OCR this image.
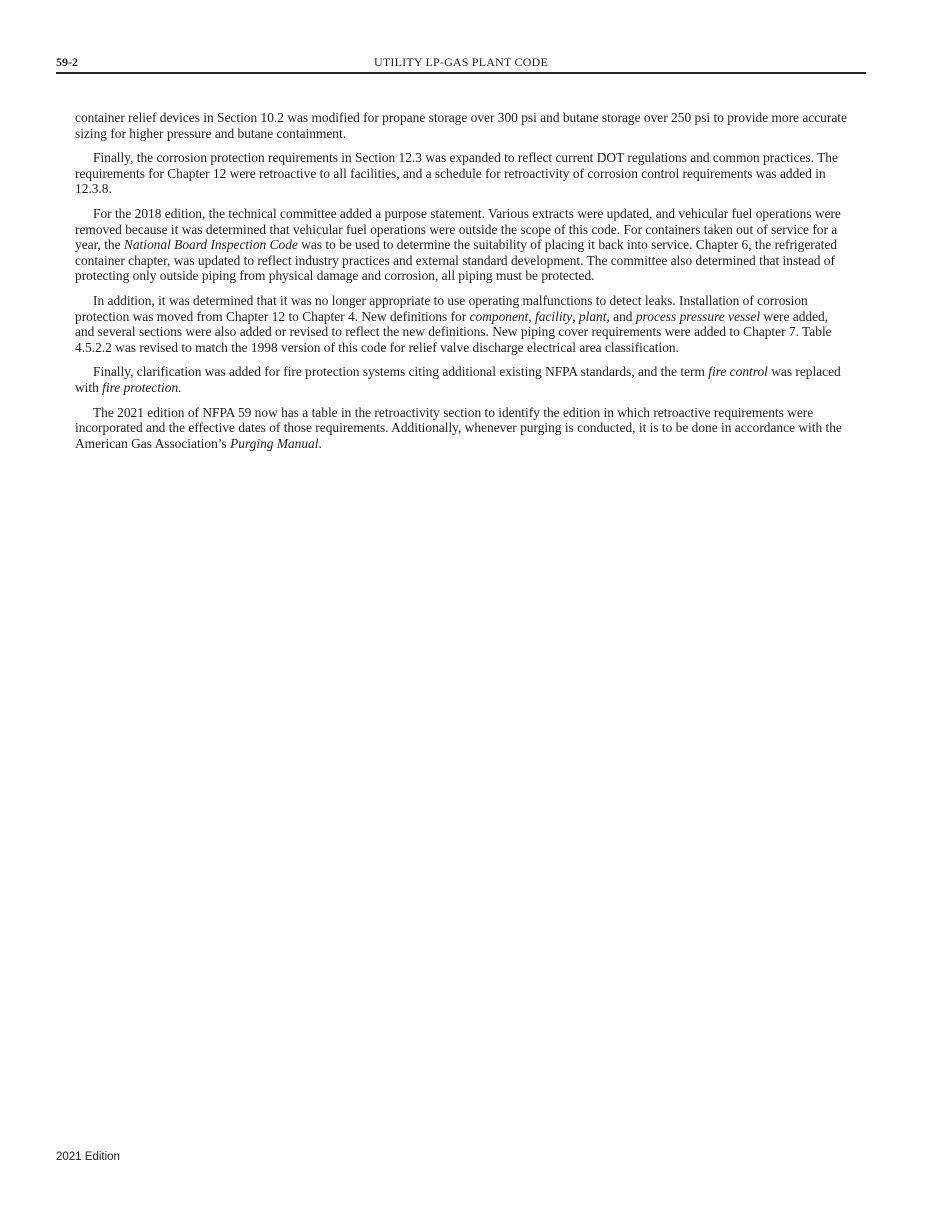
59-2	UTILITY LP-GAS PLANT CODE

container relief devices in Section 10.2 was modified for propane storage over 300 psi and butane storage over 250 psi to provide more accurate sizing for higher pressure and butane containment.

Finally, the corrosion protection requirements in Section 12.3 was expanded to reflect current DOT regulations and common practices. The requirements for Chapter 12 were retroactive to all facilities, and a schedule for retroactivity of corrosion control requirements was added in 12.3.8.

For the 2018 edition, the technical committee added a purpose statement. Various extracts were updated, and vehicular fuel operations were removed because it was determined that vehicular fuel operations were outside the scope of this code. For containers taken out of service for a year, the National Board Inspection Code was to be used to determine the suitability of placing it back into service. Chapter 6, the refrigerated container chapter, was updated to reflect industry practices and external standard development. The committee also determined that instead of protecting only outside piping from physical damage and corrosion, all piping must be protected.

In addition, it was determined that it was no longer appropriate to use operating malfunctions to detect leaks. Installation of corrosion protection was moved from Chapter 12 to Chapter 4. New definitions for component, facility, plant, and process pressure vessel were added, and several sections were also added or revised to reflect the new definitions. New piping cover requirements were added to Chapter 7. Table 4.5.2.2 was revised to match the 1998 version of this code for relief valve discharge electrical area classification.

Finally, clarification was added for fire protection systems citing additional existing NFPA standards, and the term fire control was replaced with fire protection.

The 2021 edition of NFPA 59 now has a table in the retroactivity section to identify the edition in which retroactive requirements were incorporated and the effective dates of those requirements. Additionally, whenever purging is conducted, it is to be done in accordance with the American Gas Association’s Purging Manual.

2021 Edition
